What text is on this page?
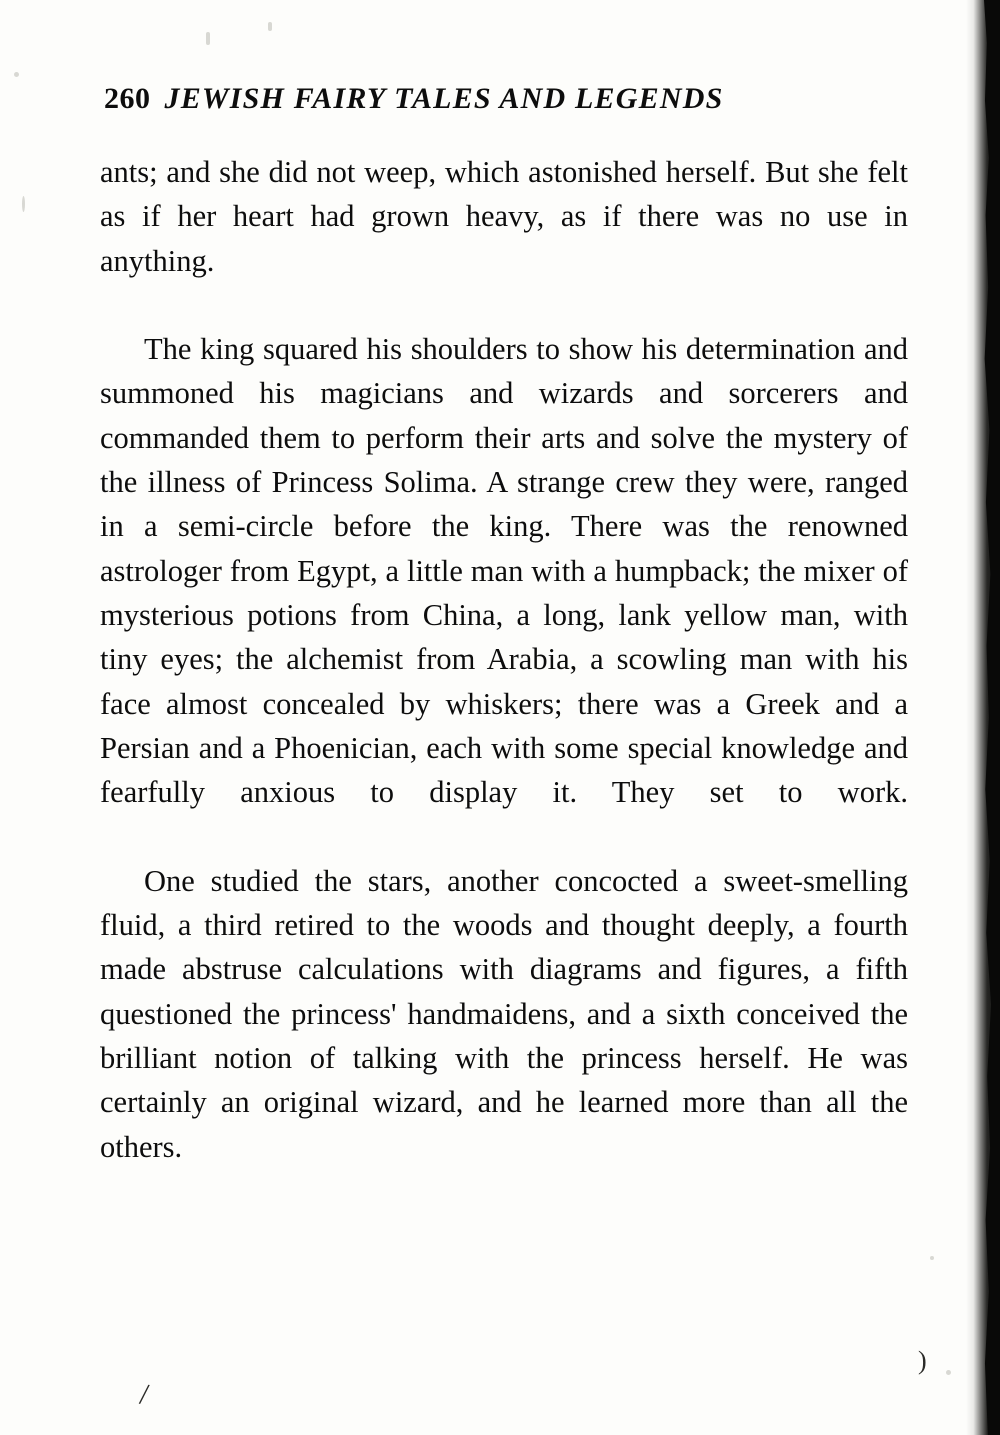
260 JEWISH FAIRY TALES AND LEGENDS

ants; and she did not weep, which astonished herself. But she felt as if her heart had grown heavy, as if there was no use in anything.

The king squared his shoulders to show his determination and summoned his magicians and wizards and sorcerers and commanded them to perform their arts and solve the mystery of the illness of Princess Solima. A strange crew they were, ranged in a semi-circle before the king. There was the renowned astrologer from Egypt, a little man with a humpback; the mixer of mysterious potions from China, a long, lank yellow man, with tiny eyes; the alchemist from Arabia, a scowling man with his face almost concealed by whiskers; there was a Greek and a Persian and a Phoenician, each with some special knowledge and fearfully anxious to display it. They set to work.

One studied the stars, another concocted a sweet-smelling fluid, a third retired to the woods and thought deeply, a fourth made abstruse calculations with diagrams and figures, a fifth questioned the princess' handmaidens, and a sixth conceived the brilliant notion of talking with the princess herself. He was certainly an original wizard, and he learned more than all the others.

/
)
